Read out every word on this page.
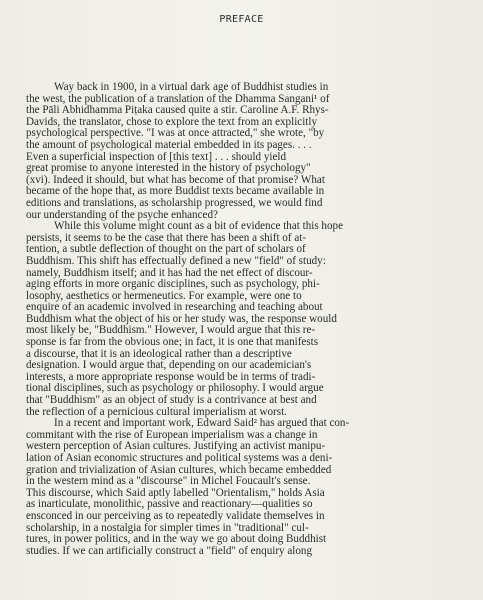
PREFACE
Way back in 1900, in a virtual dark age of Buddhist studies in
the west, the publication of a translation of the Dhamma Sangani¹ of
the Pāli Abhidhamma Piṭaka caused quite a stir. Caroline A.F. Rhys-
Davids, the translator, chose to explore the text from an explicitly
psychological perspective. "I was at once attracted," she wrote, "by
the amount of psychological material embedded in its pages. . . .
Even a superficial inspection of [this text] . . . should yield
great promise to anyone interested in the history of psychology"
(xvi). Indeed it should, but what has become of that promise? What
became of the hope that, as more Buddist texts became available in
editions and translations, as scholarship progressed, we would find
our understanding of the psyche enhanced?
While this volume might count as a bit of evidence that this hope
persists, it seems to be the case that there has been a shift of at-
tention, a subtle deflection of thought on the part of scholars of
Buddhism. This shift has effectually defined a new "field" of study:
namely, Buddhism itself; and it has had the net effect of discour-
aging efforts in more organic disciplines, such as psychology, phi-
losophy, aesthetics or hermeneutics. For example, were one to
enquire of an academic involved in researching and teaching about
Buddhism what the object of his or her study was, the response would
most likely be, "Buddhism." However, I would argue that this re-
sponse is far from the obvious one; in fact, it is one that manifests
a discourse, that it is an ideological rather than a descriptive
designation. I would argue that, depending on our academician's
interests, a more appropriate response would be in terms of tradi-
tional disciplines, such as psychology or philosophy. I would argue
that "Buddhism" as an object of study is a contrivance at best and
the reflection of a pernicious cultural imperialism at worst.
In a recent and important work, Edward Said² has argued that con-
commitant with the rise of European imperialism was a change in
western perception of Asian cultures. Justifying an activist manipu-
lation of Asian economic structures and political systems was a deni-
gration and trivialization of Asian cultures, which became embedded
in the western mind as a "discourse" in Michel Foucault's sense.
This discourse, which Said aptly labelled "Orientalism," holds Asia
as inarticulate, monolithic, passive and reactionary—qualities so
ensconced in our perceiving as to repeatedly validate themselves in
scholarship, in a nostalgia for simpler times in "traditional" cul-
tures, in power politics, and in the way we go about doing Buddhist
studies. If we can artificially construct a "field" of enquiry along
